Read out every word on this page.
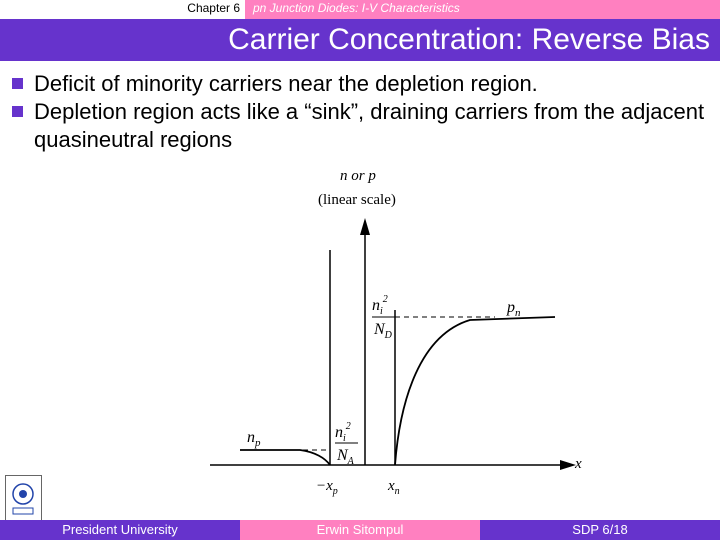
Chapter 6 pn Junction Diodes: I-V Characteristics
Carrier Concentration: Reverse Bias
Deficit of minority carriers near the depletion region.
Depletion region acts like a “sink”, draining carriers from the adjacent quasineutral regions
n or p
(linear scale)
$p_n$
$n_i^2$
$N_D$
$n_p$
$n_i^2$
$N_A$	x
$-x_p$	$x_n$
President University	Erwin Sitompul	SDP 6/18
